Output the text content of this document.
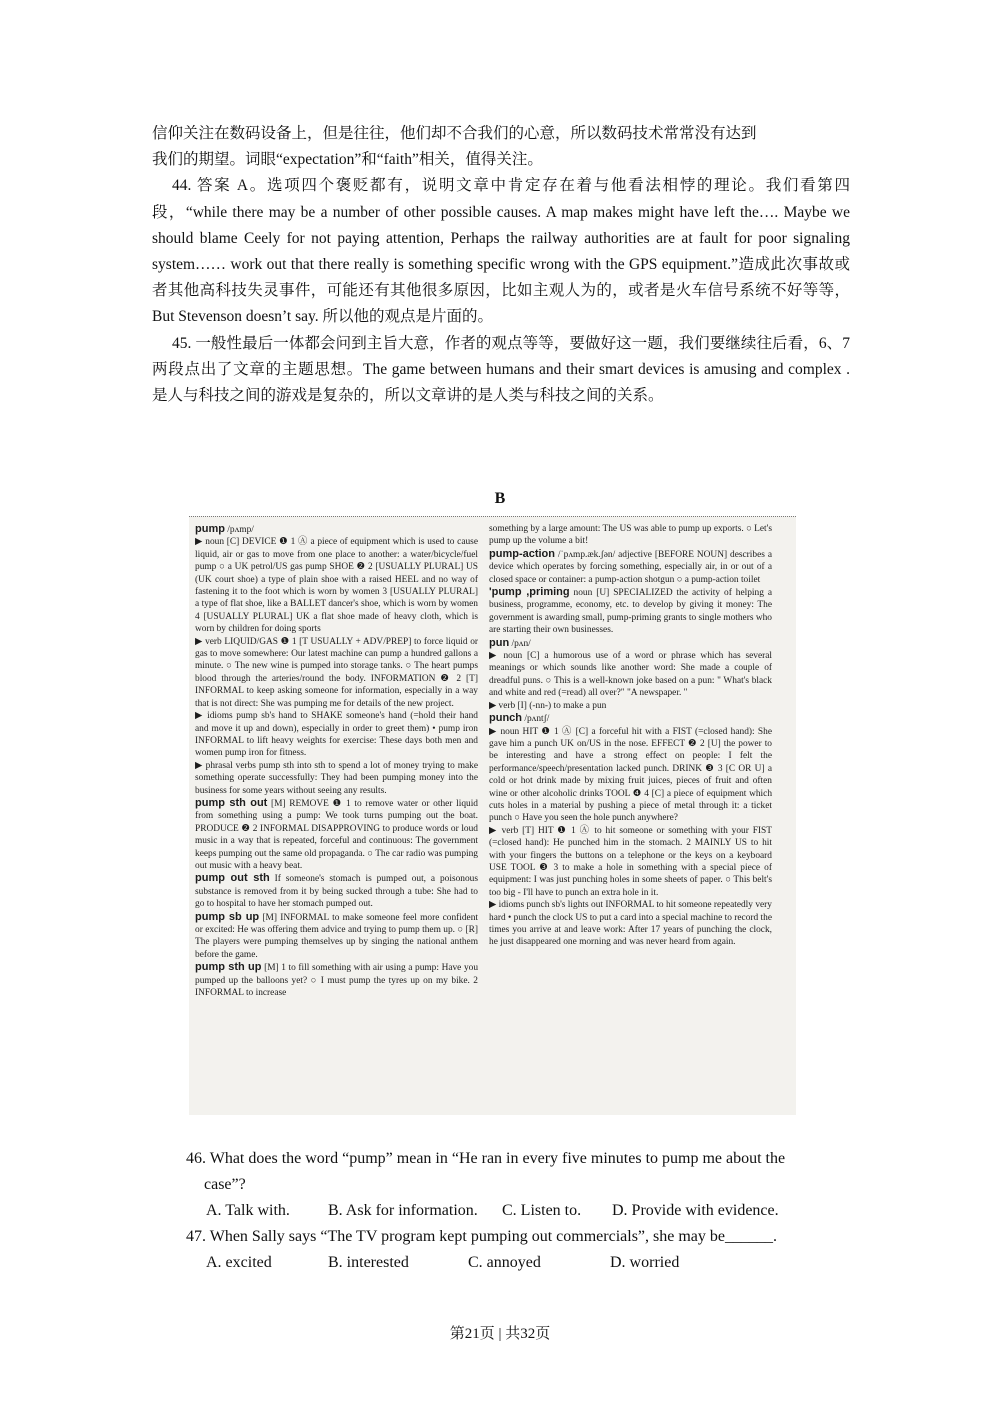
信仰关注在数码设备上，但是往往，他们却不合我们的心意，所以数码技术常常没有达到

我们的期望。词眼“expectation”和“faith”相关，值得关注。

44. 答案 A。选项四个褒贬都有，说明文章中肯定存在着与他看法相悖的理论。我们看第四段，“while there may be a number of other possible causes. A map makes might have left the…. Maybe we should blame Ceely for not paying attention, Perhaps the railway authorities are at fault for poor signaling system…… work out that there really is something specific wrong with the GPS equipment.”造成此次事故或者其他高科技失灵事件，可能还有其他很多原因，比如主观人为的，或者是火车信号系统不好等等， But Stevenson doesn’t say. 所以他的观点是片面的。

45. 一般性最后一体都会问到主旨大意，作者的观点等等，要做好这一题，我们要继续往后看，6、7 两段点出了文章的主题思想。The game between humans and their smart devices is amusing and complex . 是人与科技之间的游戏是复杂的，所以文章讲的是人类与科技之间的关系。

B

pump /pʌmp/

▶ noun [C] DEVICE ❶ 1 Ⓐ a piece of equipment which is used to cause liquid, air or gas to move from one place to another: a water/bicycle/fuel pump ○ a UK petrol/US gas pump SHOE ❷ 2 [USUALLY PLURAL] US (UK court shoe) a type of plain shoe with a raised HEEL and no way of fastening it to the foot which is worn by women 3 [USUALLY PLURAL] a type of flat shoe, like a BALLET dancer's shoe, which is worn by women 4 [USUALLY PLURAL] UK a flat shoe made of heavy cloth, which is worn by children for doing sports

▶ verb LIQUID/GAS ❶ 1 [T USUALLY + ADV/PREP] to force liquid or gas to move somewhere: Our latest machine can pump a hundred gallons a minute. ○ The new wine is pumped into storage tanks. ○ The heart pumps blood through the arteries/round the body. INFORMATION ❷ 2 [T] INFORMAL to keep asking someone for information, especially in a way that is not direct: She was pumping me for details of the new project.

▶ idioms pump sb's hand to SHAKE someone's hand (=hold their hand and move it up and down), especially in order to greet them) • pump iron INFORMAL to lift heavy weights for exercise: These days both men and women pump iron for fitness.

▶ phrasal verbs pump sth into sth to spend a lot of money trying to make something operate successfully: They had been pumping money into the business for some years without seeing any results.

pump sth out [M] REMOVE ❶ 1 to remove water or other liquid from something using a pump: We took turns pumping out the boat. PRODUCE ❷ 2 INFORMAL DISAPPROVING to produce words or loud music in a way that is repeated, forceful and continuous: The government keeps pumping out the same old propaganda. ○ The car radio was pumping out music with a heavy beat.

pump out sth If someone's stomach is pumped out, a poisonous substance is removed from it by being sucked through a tube: She had to go to hospital to have her stomach pumped out.

pump sb up [M] INFORMAL to make someone feel more confident or excited: He was offering them advice and trying to pump them up. ○ [R] The players were pumping themselves up by singing the national anthem before the game.

pump sth up [M] 1 to fill something with air using a pump: Have you pumped up the balloons yet? ○ I must pump the tyres up on my bike. 2 INFORMAL to increase

something by a large amount: The US was able to pump up exports. ○ Let's pump up the volume a bit!

pump-action /ˈpʌmp.æk.ʃən/ adjective [BEFORE NOUN] describes a device which operates by forcing something, especially air, in or out of a closed space or container: a pump-action shotgun ○ a pump-action toilet

'pump ,priming noun [U] SPECIALIZED the activity of helping a business, programme, economy, etc. to develop by giving it money: The government is awarding small, pump-priming grants to single mothers who are starting their own businesses.

pun /pʌn/

▶ noun [C] a humorous use of a word or phrase which has several meanings or which sounds like another word: She made a couple of dreadful puns. ○ This is a well-known joke based on a pun: " What's black and white and red (=read) all over?" "A newspaper. "

▶ verb [I] (-nn-) to make a pun

punch /pʌntʃ/

▶ noun HIT ❶ 1 Ⓐ [C] a forceful hit with a FIST (=closed hand): She gave him a punch UK on/US in the nose. EFFECT ❷ 2 [U] the power to be interesting and have a strong effect on people: I felt the performance/speech/presentation lacked punch. DRINK ❸ 3 [C OR U] a cold or hot drink made by mixing fruit juices, pieces of fruit and often wine or other alcoholic drinks TOOL ❹ 4 [C] a piece of equipment which cuts holes in a material by pushing a piece of metal through it: a ticket punch ○ Have you seen the hole punch anywhere?

▶ verb [T] HIT ❶ 1 Ⓐ to hit someone or something with your FIST (=closed hand): He punched him in the stomach. 2 MAINLY US to hit with your fingers the buttons on a telephone or the keys on a keyboard USE TOOL ❸ 3 to make a hole in something with a special piece of equipment: I was just punching holes in some sheets of paper. ○ This belt's too big - I'll have to punch an extra hole in it.

▶ idioms punch sb's lights out INFORMAL to hit someone repeatedly very hard • punch the clock US to put a card into a special machine to record the times you arrive at and leave work: After 17 years of punching the clock, he just disappeared one morning and was never heard from again.

46. What does the word “pump” mean in “He ran in every five minutes to pump me about the

case”?

A. Talk with.	B. Ask for information.	C. Listen to.	D. Provide with evidence.

47. When Sally says “The TV program kept pumping out commercials”, she may be______.

A. excited	B. interested	C. annoyed	D. worried
第21页 | 共32页
